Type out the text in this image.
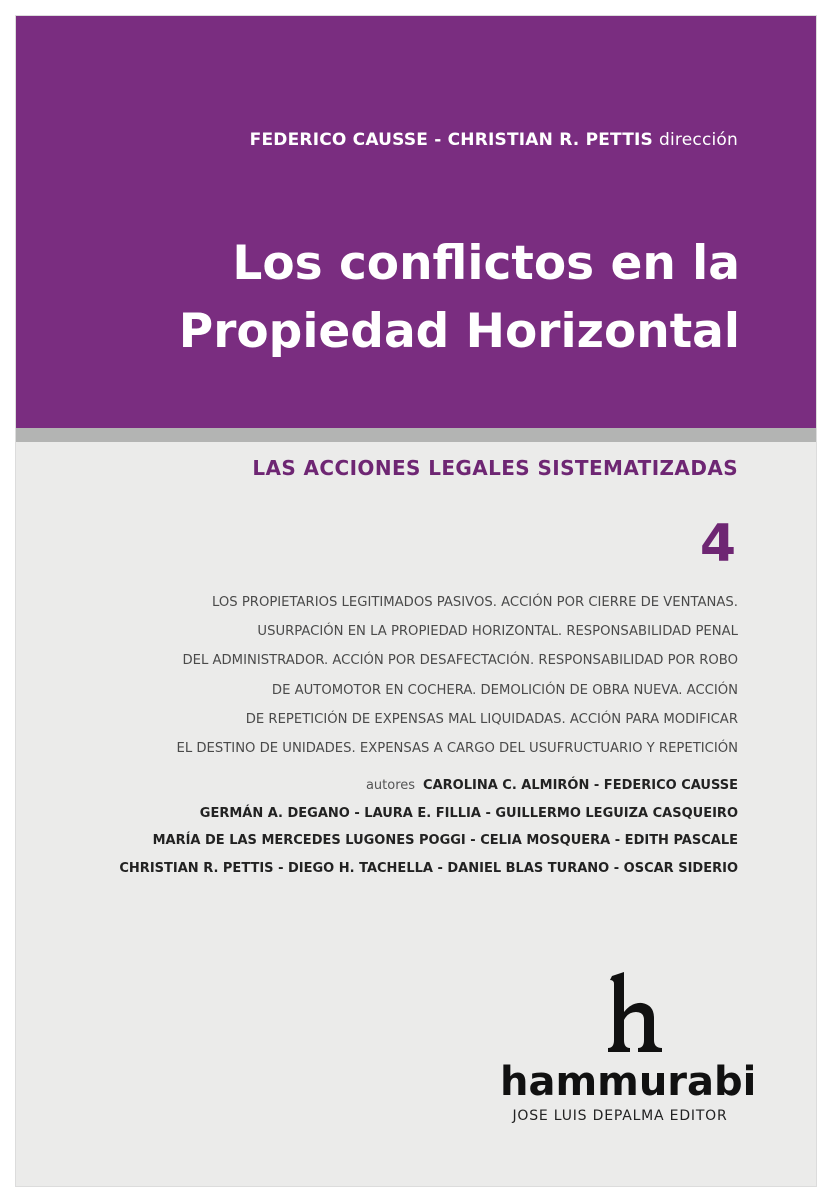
FEDERICO CAUSSE - CHRISTIAN R. PETTIS dirección
Los conflictos en la
Propiedad Horizontal
LAS ACCIONES LEGALES SISTEMATIZADAS
4
LOS PROPIETARIOS LEGITIMADOS PASIVOS. ACCIÓN POR CIERRE DE VENTANAS.
USURPACIÓN EN LA PROPIEDAD HORIZONTAL. RESPONSABILIDAD PENAL
DEL ADMINISTRADOR. ACCIÓN POR DESAFECTACIÓN. RESPONSABILIDAD POR ROBO
DE AUTOMOTOR EN COCHERA. DEMOLICIÓN DE OBRA NUEVA. ACCIÓN
DE REPETICIÓN DE EXPENSAS MAL LIQUIDADAS. ACCIÓN PARA MODIFICAR
EL DESTINO DE UNIDADES. EXPENSAS A CARGO DEL USUFRUCTUARIO Y REPETICIÓN
autores CAROLINA C. ALMIRÓN - FEDERICO CAUSSE
GERMÁN A. DEGANO - LAURA E. FILLIA - GUILLERMO LEGUIZA CASQUEIRO
MARÍA DE LAS MERCEDES LUGONES POGGI - CELIA MOSQUERA - EDITH PASCALE
CHRISTIAN R. PETTIS - DIEGO H. TACHELLA - DANIEL BLAS TURANO - OSCAR SIDERIO
hammurabi
JOSE LUIS DEPALMA EDITOR
